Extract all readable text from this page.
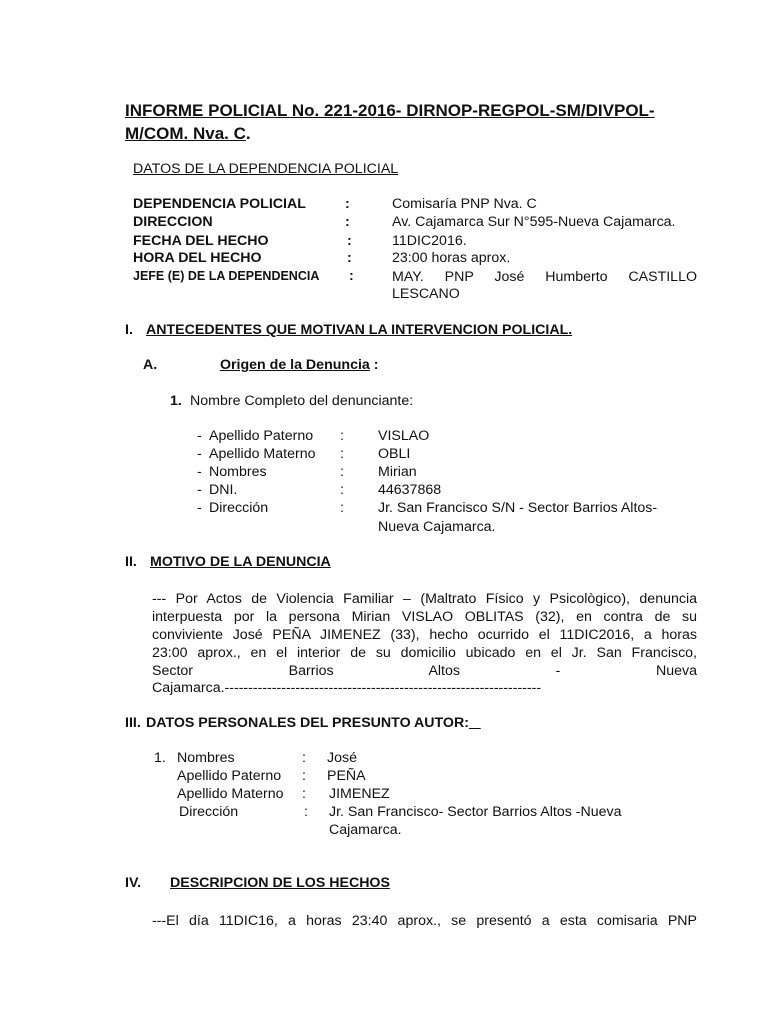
INFORME POLICIAL No. 221-2016- DIRNOP-REGPOL-SM/DIVPOL-
M/COM. Nva. C.
DATOS DE LA DEPENDENCIA POLICIAL
DEPENDENCIA POLICIAL	:	Comisaría PNP Nva. C
DIRECCION	:	Av. Cajamarca Sur N°595-Nueva Cajamarca.
FECHA DEL HECHO	:	11DIC2016.
HORA DEL HECHO	:	23:00 horas aprox.
JEFE (E) DE LA DEPENDENCIA :	MAY. PNP José Humberto CASTILLO
LESCANO
I. ANTECEDENTES QUE MOTIVAN LA INTERVENCION POLICIAL.
A.	Origen de la Denuncia :
1. Nombre Completo del denunciante:
- Apellido Paterno : VISLAO
- Apellido Materno : OBLI
- Nombres	: Mirian
- DNI.	: 44637868
- Dirección	: Jr. San Francisco S/N - Sector Barrios Altos-
Nueva Cajamarca.
II. MOTIVO DE LA DENUNCIA
--- Por Actos de Violencia Familiar – (Maltrato Físico y Psicològico), denuncia
interpuesta por la persona Mirian VISLAO OBLITAS (32), en contra de su
conviviente José PEÑA JIMENEZ (33), hecho ocurrido el 11DIC2016, a horas
23:00 aprox., en el interior de su domicilio ubicado en el Jr. San Francisco,
Sector Barrios Altos - Nueva
Cajamarca.-------------------------------------------------------------------
III. DATOS PERSONALES DEL PRESUNTO AUTOR:
1. Nombres	: José
Apellido Paterno : PEÑA
Apellido Materno : JIMENEZ
Dirección	: Jr. San Francisco- Sector Barrios Altos -Nueva
Cajamarca.
IV. DESCRIPCION DE LOS HECHOS
---El día 11DIC16, a horas 23:40 aprox., se presentó a esta comisaria PNP
